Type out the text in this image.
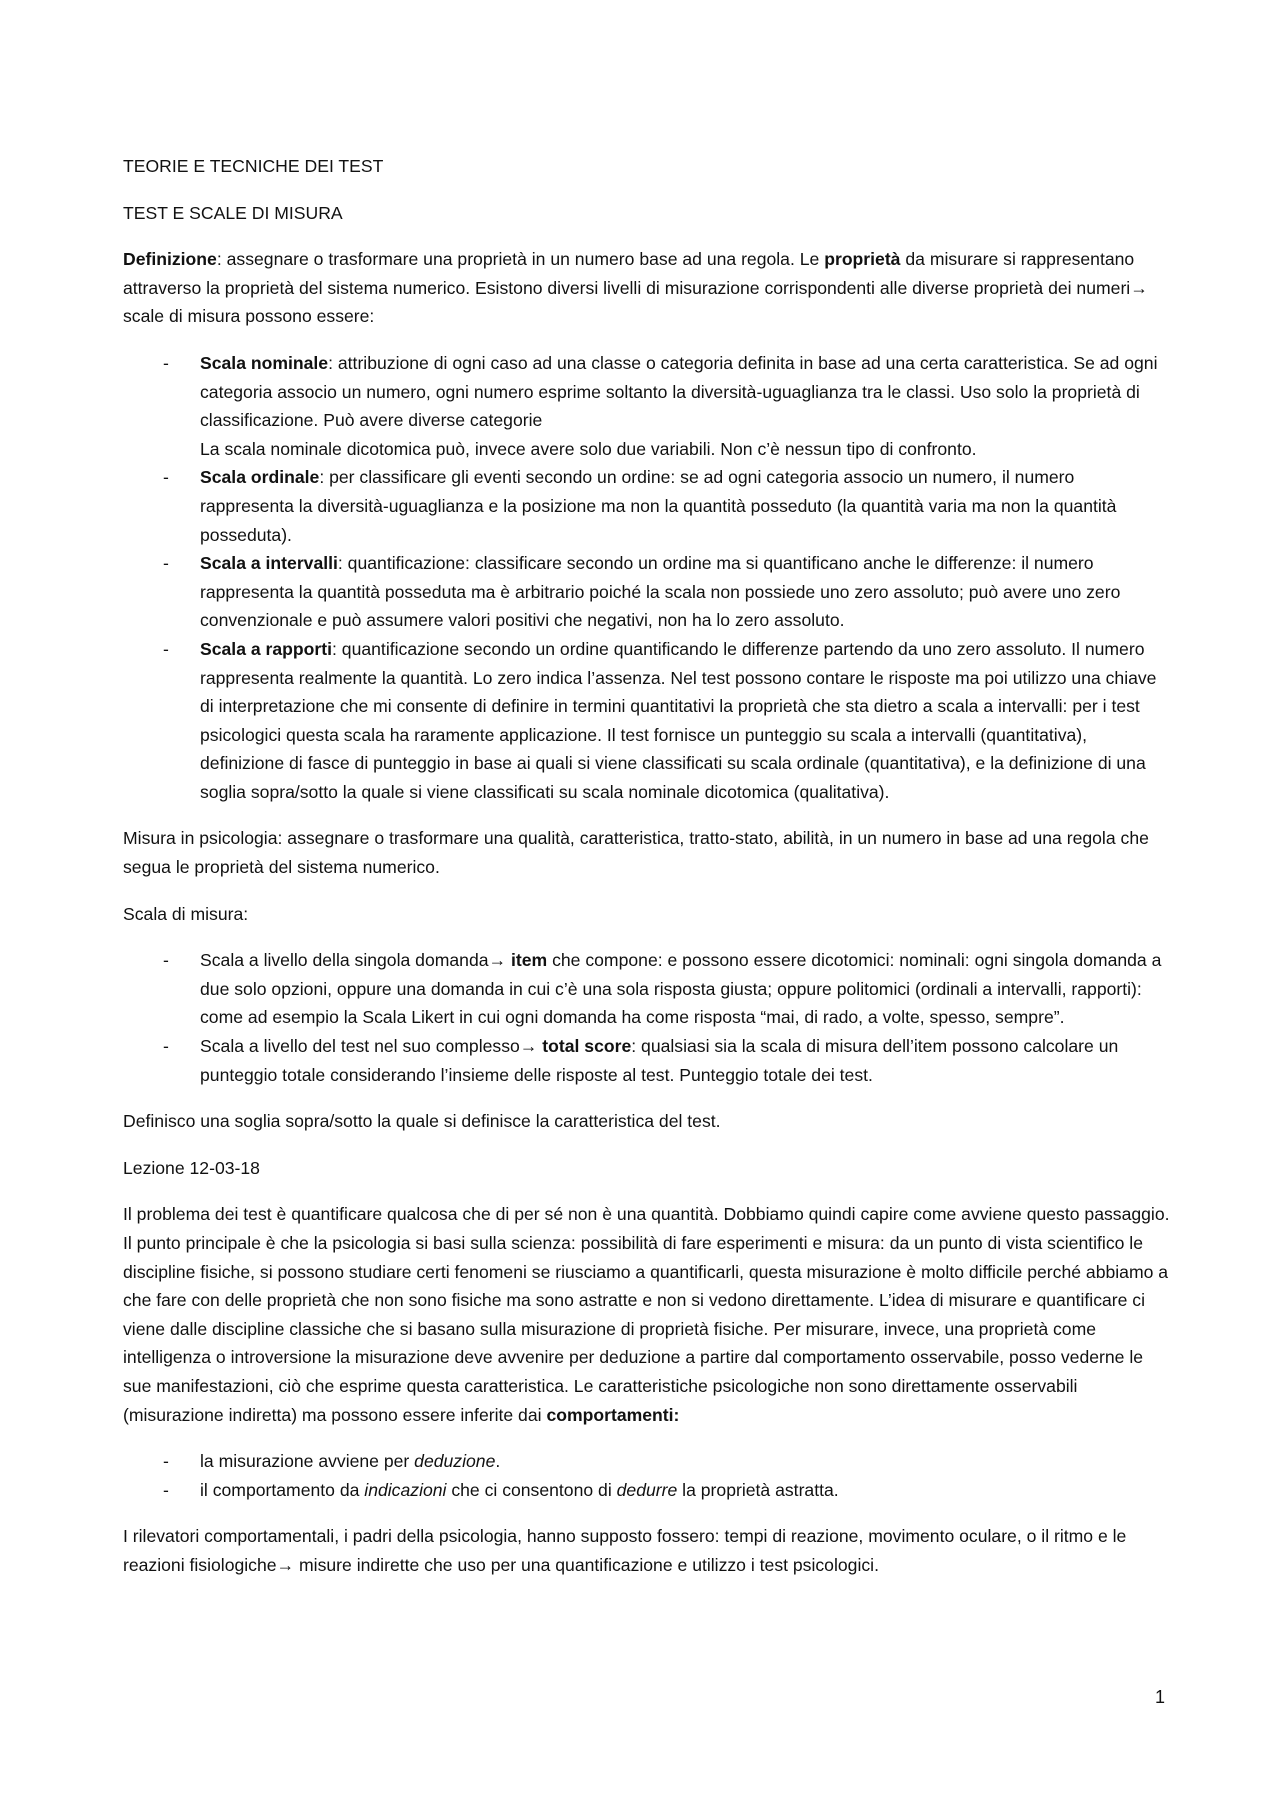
TEORIE E TECNICHE DEI TEST

TEST E SCALE DI MISURA

Definizione: assegnare o trasformare una proprietà in un numero base ad una regola. Le proprietà da misurare si rappresentano attraverso la proprietà del sistema numerico. Esistono diversi livelli di misurazione corrispondenti alle diverse proprietà dei numeri→ scale di misura possono essere:

- Scala nominale: attribuzione di ogni caso ad una classe o categoria definita in base ad una certa caratteristica. Se ad ogni categoria associo un numero, ogni numero esprime soltanto la diversità-uguaglianza tra le classi. Uso solo la proprietà di classificazione. Può avere diverse categorie
La scala nominale dicotomica può, invece avere solo due variabili. Non c’è nessun tipo di confronto.
- Scala ordinale: per classificare gli eventi secondo un ordine: se ad ogni categoria associo un numero, il numero rappresenta la diversità-uguaglianza e la posizione ma non la quantità posseduto (la quantità varia ma non la quantità posseduta).
- Scala a intervalli: quantificazione: classificare secondo un ordine ma si quantificano anche le differenze: il numero rappresenta la quantità posseduta ma è arbitrario poiché la scala non possiede uno zero assoluto; può avere uno zero convenzionale e può assumere valori positivi che negativi, non ha lo zero assoluto.
- Scala a rapporti: quantificazione secondo un ordine quantificando le differenze partendo da uno zero assoluto. Il numero rappresenta realmente la quantità. Lo zero indica l’assenza. Nel test possono contare le risposte ma poi utilizzo una chiave di interpretazione che mi consente di definire in termini quantitativi la proprietà che sta dietro a scala a intervalli: per i test psicologici questa scala ha raramente applicazione. Il test fornisce un punteggio su scala a intervalli (quantitativa), definizione di fasce di punteggio in base ai quali si viene classificati su scala ordinale (quantitativa), e la definizione di una soglia sopra/sotto la quale si viene classificati su scala nominale dicotomica (qualitativa).

Misura in psicologia: assegnare o trasformare una qualità, caratteristica, tratto-stato, abilità, in un numero in base ad una regola che segua le proprietà del sistema numerico.

Scala di misura:

- Scala a livello della singola domanda→ item che compone: e possono essere dicotomici: nominali: ogni singola domanda a due solo opzioni, oppure una domanda in cui c’è una sola risposta giusta; oppure politomici (ordinali a intervalli, rapporti): come ad esempio la Scala Likert in cui ogni domanda ha come risposta “mai, di rado, a volte, spesso, sempre”.
- Scala a livello del test nel suo complesso→ total score: qualsiasi sia la scala di misura dell’item possono calcolare un punteggio totale considerando l’insieme delle risposte al test. Punteggio totale dei test.

Definisco una soglia sopra/sotto la quale si definisce la caratteristica del test.

Lezione 12-03-18

Il problema dei test è quantificare qualcosa che di per sé non è una quantità. Dobbiamo quindi capire come avviene questo passaggio. Il punto principale è che la psicologia si basi sulla scienza: possibilità di fare esperimenti e misura: da un punto di vista scientifico le discipline fisiche, si possono studiare certi fenomeni se riusciamo a quantificarli, questa misurazione è molto difficile perché abbiamo a che fare con delle proprietà che non sono fisiche ma sono astratte e non si vedono direttamente. L’idea di misurare e quantificare ci viene dalle discipline classiche che si basano sulla misurazione di proprietà fisiche. Per misurare, invece, una proprietà come intelligenza o introversione la misurazione deve avvenire per deduzione a partire dal comportamento osservabile, posso vederne le sue manifestazioni, ciò che esprime questa caratteristica. Le caratteristiche psicologiche non sono direttamente osservabili (misurazione indiretta) ma possono essere inferite dai comportamenti:

- la misurazione avviene per deduzione.
- il comportamento da indicazioni che ci consentono di dedurre la proprietà astratta.

I rilevatori comportamentali, i padri della psicologia, hanno supposto fossero: tempi di reazione, movimento oculare, o il ritmo e le reazioni fisiologiche→ misure indirette che uso per una quantificazione e utilizzo i test psicologici.

1
